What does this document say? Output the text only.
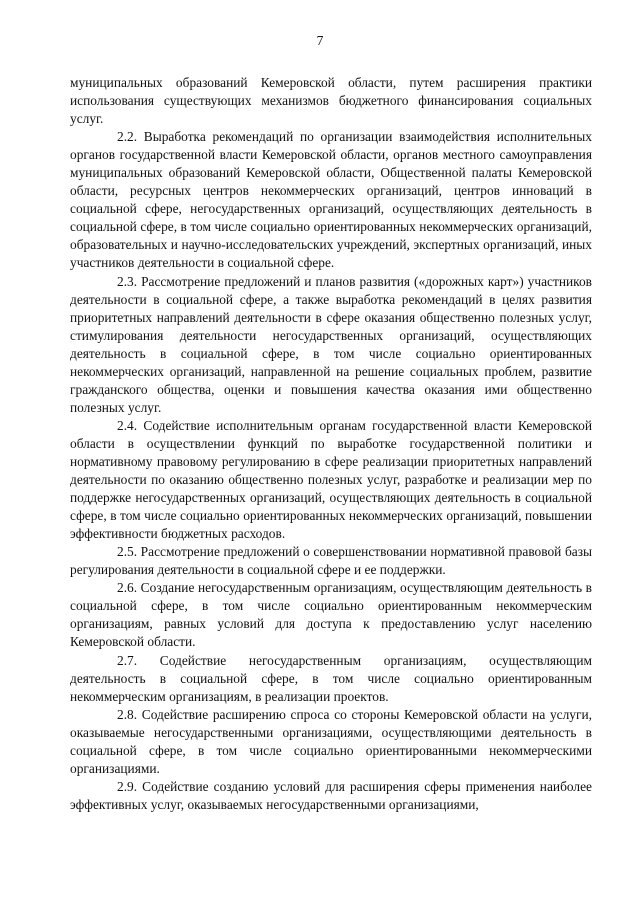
7

муниципальных образований Кемеровской области, путем расширения практики использования существующих механизмов бюджетного финансирования социальных услуг.

2.2. Выработка рекомендаций по организации взаимодействия исполнительных органов государственной власти Кемеровской области, органов местного самоуправления муниципальных образований Кемеровской области, Общественной палаты Кемеровской области, ресурсных центров некоммерческих организаций, центров инноваций в социальной сфере, негосударственных организаций, осуществляющих деятельность в социальной сфере, в том числе социально ориентированных некоммерческих организаций, образовательных и научно-исследовательских учреждений, экспертных организаций, иных участников деятельности в социальной сфере.

2.3. Рассмотрение предложений и планов развития («дорожных карт») участников деятельности в социальной сфере, а также выработка рекомендаций в целях развития приоритетных направлений деятельности в сфере оказания общественно полезных услуг, стимулирования деятельности негосударственных организаций, осуществляющих деятельность в социальной сфере, в том числе социально ориентированных некоммерческих организаций, направленной на решение социальных проблем, развитие гражданского общества, оценки и повышения качества оказания ими общественно полезных услуг.

2.4. Содействие исполнительным органам государственной власти Кемеровской области в осуществлении функций по выработке государственной политики и нормативному правовому регулированию в сфере реализации приоритетных направлений деятельности по оказанию общественно полезных услуг, разработке и реализации мер по поддержке негосударственных организаций, осуществляющих деятельность в социальной сфере, в том числе социально ориентированных некоммерческих организаций, повышении эффективности бюджетных расходов.

2.5. Рассмотрение предложений о совершенствовании нормативной правовой базы регулирования деятельности в социальной сфере и ее поддержки.

2.6. Создание негосударственным организациям, осуществляющим деятельность в социальной сфере, в том числе социально ориентированным некоммерческим организациям, равных условий для доступа к предоставлению услуг населению Кемеровской области.

2.7. Содействие негосударственным организациям, осуществляющим деятельность в социальной сфере, в том числе социально ориентированным некоммерческим организациям, в реализации проектов.

2.8. Содействие расширению спроса со стороны Кемеровской области на услуги, оказываемые негосударственными организациями, осуществляющими деятельность в социальной сфере, в том числе социально ориентированными некоммерческими организациями.

2.9. Содействие созданию условий для расширения сферы применения наиболее эффективных услуг, оказываемых негосударственными организациями,
